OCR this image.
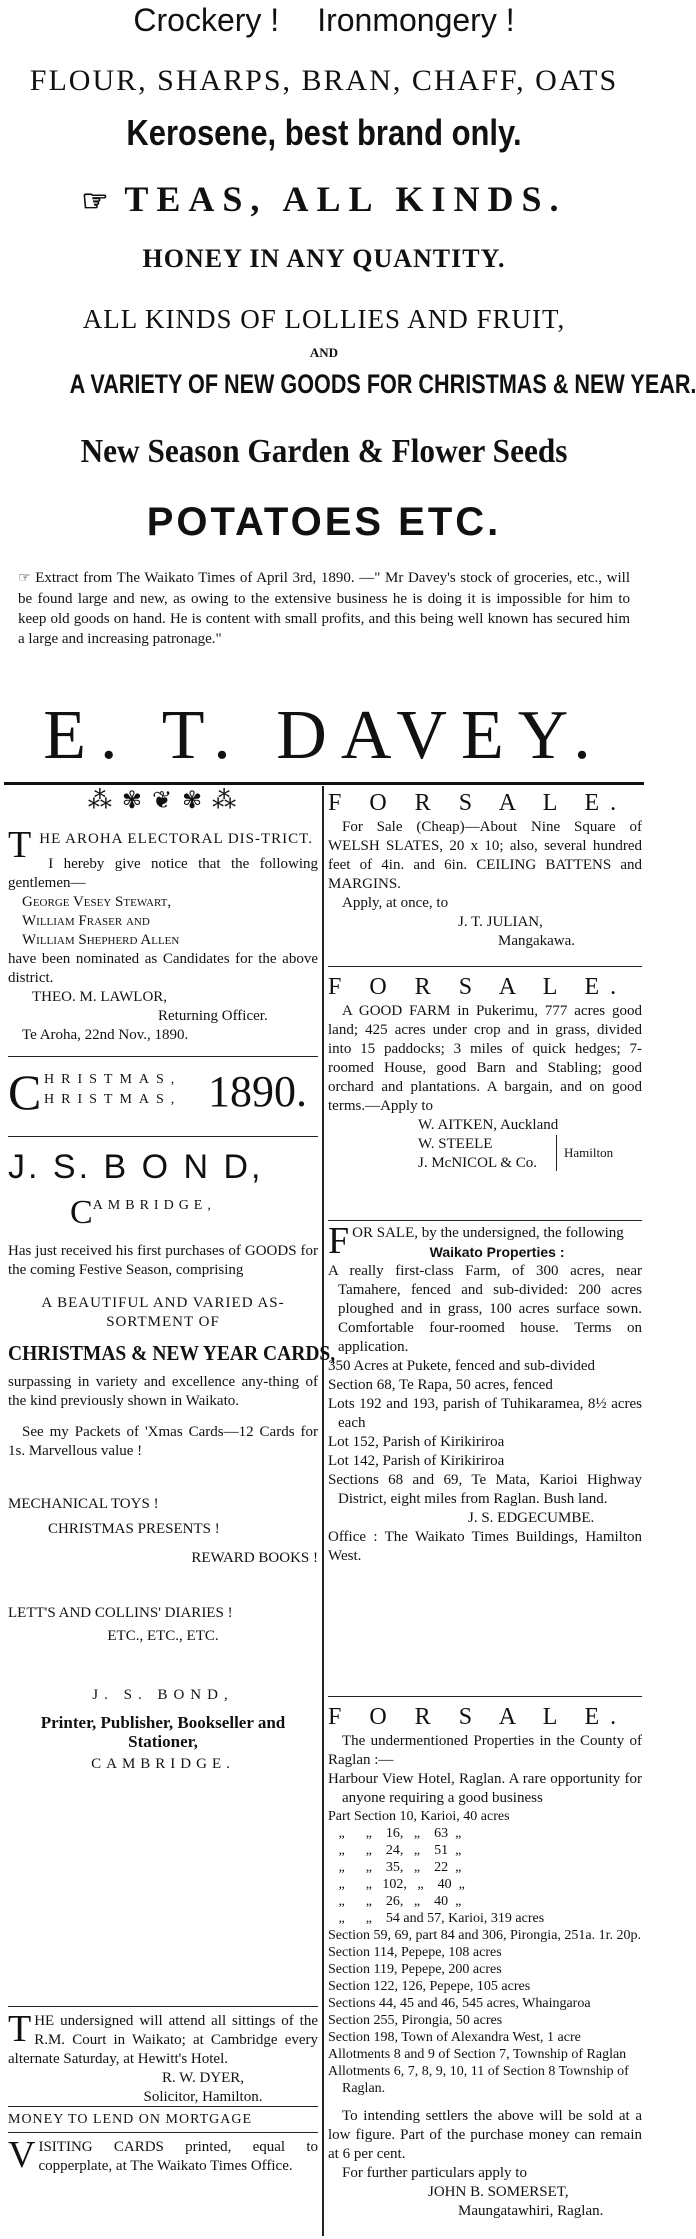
Crockery ! Ironmongery !
FLOUR, SHARPS, BRAN, CHAFF, OATS
Kerosene, best brand only.
☞ TEAS, ALL KINDS.
HONEY IN ANY QUANTITY.
ALL KINDS OF LOLLIES AND FRUIT,
AND
A VARIETY OF NEW GOODS FOR CHRISTMAS & NEW YEAR.
New Season Garden & Flower Seeds
POTATOES ETC.
☞ Extract from The Waikato Times of April 3rd, 1890. —" Mr Davey's stock of groceries, etc., will be found large and new, as owing to the extensive business he is doing it is impossible for him to keep old goods on hand. He is content with small profits, and this being well known has secured him a large and increasing patronage."
E. T. DAVEY.
⁂ ✾ ❦ ✾ ⁂
T HE AROHA ELECTORAL DIS-TRICT.
I hereby give notice that the following gentlemen—
George Vesey Stewart,
William Fraser and
William Shepherd Allen
have been nominated as Candidates for the above district.
THEO. M. LAWLOR,
Returning Officer.
Te Aroha, 22nd Nov., 1890.
C HRISTMAS,
HRISTMAS, 1890.
J. S. B O N D,
CAMBRIDGE,
Has just received his first purchases of GOODS for the coming Festive Season, comprising
A BEAUTIFUL AND VARIED AS-
SORTMENT OF
CHRISTMAS & NEW YEAR CARDS,
surpassing in variety and excellence any-thing of the kind previously shown in Waikato.
See my Packets of 'Xmas Cards—12 Cards for 1s. Marvellous value !
MECHANICAL TOYS !
CHRISTMAS PRESENTS !
REWARD BOOKS !
LETT'S AND COLLINS' DIARIES !
ETC., ETC., ETC.
J. S. BOND,
Printer, Publisher, Bookseller and Stationer,
CAMBRIDGE.
THE undersigned will attend all sittings of the R.M. Court in Waikato; at Cambridge every alternate Saturday, at Hewitt's Hotel.
R. W. DYER,
Solicitor, Hamilton.
MONEY TO LEND ON MORTGAGE
VISITING CARDS printed, equal to copperplate, at The Waikato Times Office.
F O R S A L E.
For Sale (Cheap)—About Nine Square of WELSH SLATES, 20 x 10; also, several hundred feet of 4in. and 6in. CEILING BATTENS and MARGINS.
Apply, at once, to
J. T. JULIAN,
Mangakawa.
F O R S A L E.
A GOOD FARM in Pukerimu, 777 acres good land; 425 acres under crop and in grass, divided into 15 paddocks; 3 miles of quick hedges; 7-roomed House, good Barn and Stabling; good orchard and plantations. A bargain, and on good terms.—Apply to
W. AITKEN, Auckland
W. STEELE
J. McNICOL & Co.
Hamilton
FOR SALE, by the undersigned, the following
Waikato Properties :
A really first-class Farm, of 300 acres, near Tamahere, fenced and sub-divided: 200 acres ploughed and in grass, 100 acres surface sown. Comfortable four-roomed house. Terms on application.
350 Acres at Pukete, fenced and sub-divided
Section 68, Te Rapa, 50 acres, fenced
Lots 192 and 193, parish of Tuhikaramea, 8½ acres each
Lot 152, Parish of Kirikiriroa
Lot 142, Parish of Kirikiriroa
Sections 68 and 69, Te Mata, Karioi Highway District, eight miles from Raglan. Bush land.
J. S. EDGECUMBE.
Office : The Waikato Times Buildings, Hamilton West.
F O R S A L E.
The undermentioned Properties in the County of Raglan :—
Harbour View Hotel, Raglan. A rare opportunity for anyone requiring a good business
Part Section 10, Karioi, 40 acres
„      „    16,   „    63  „
„      „    24,   „    51  „
„      „    35,   „    22  „
„      „   102,   „    40  „
„      „    26,   „    40  „
„      „    54 and 57, Karioi, 319 acres
Section 59, 69, part 84 and 306, Pirongia, 251a. 1r. 20p.
Section 114, Pepepe, 108 acres
Section 119, Pepepe, 200 acres
Section 122, 126, Pepepe, 105 acres
Sections 44, 45 and 46, 545 acres, Whaingaroa
Section 255, Pirongia, 50 acres
Section 198, Town of Alexandra West, 1 acre
Allotments 8 and 9 of Section 7, Township of Raglan
Allotments 6, 7, 8, 9, 10, 11 of Section 8 Township of Raglan.
To intending settlers the above will be sold at a low figure. Part of the purchase money can remain at 6 per cent.
For further particulars apply to
JOHN B. SOMERSET,
Maungatawhiri, Raglan.
